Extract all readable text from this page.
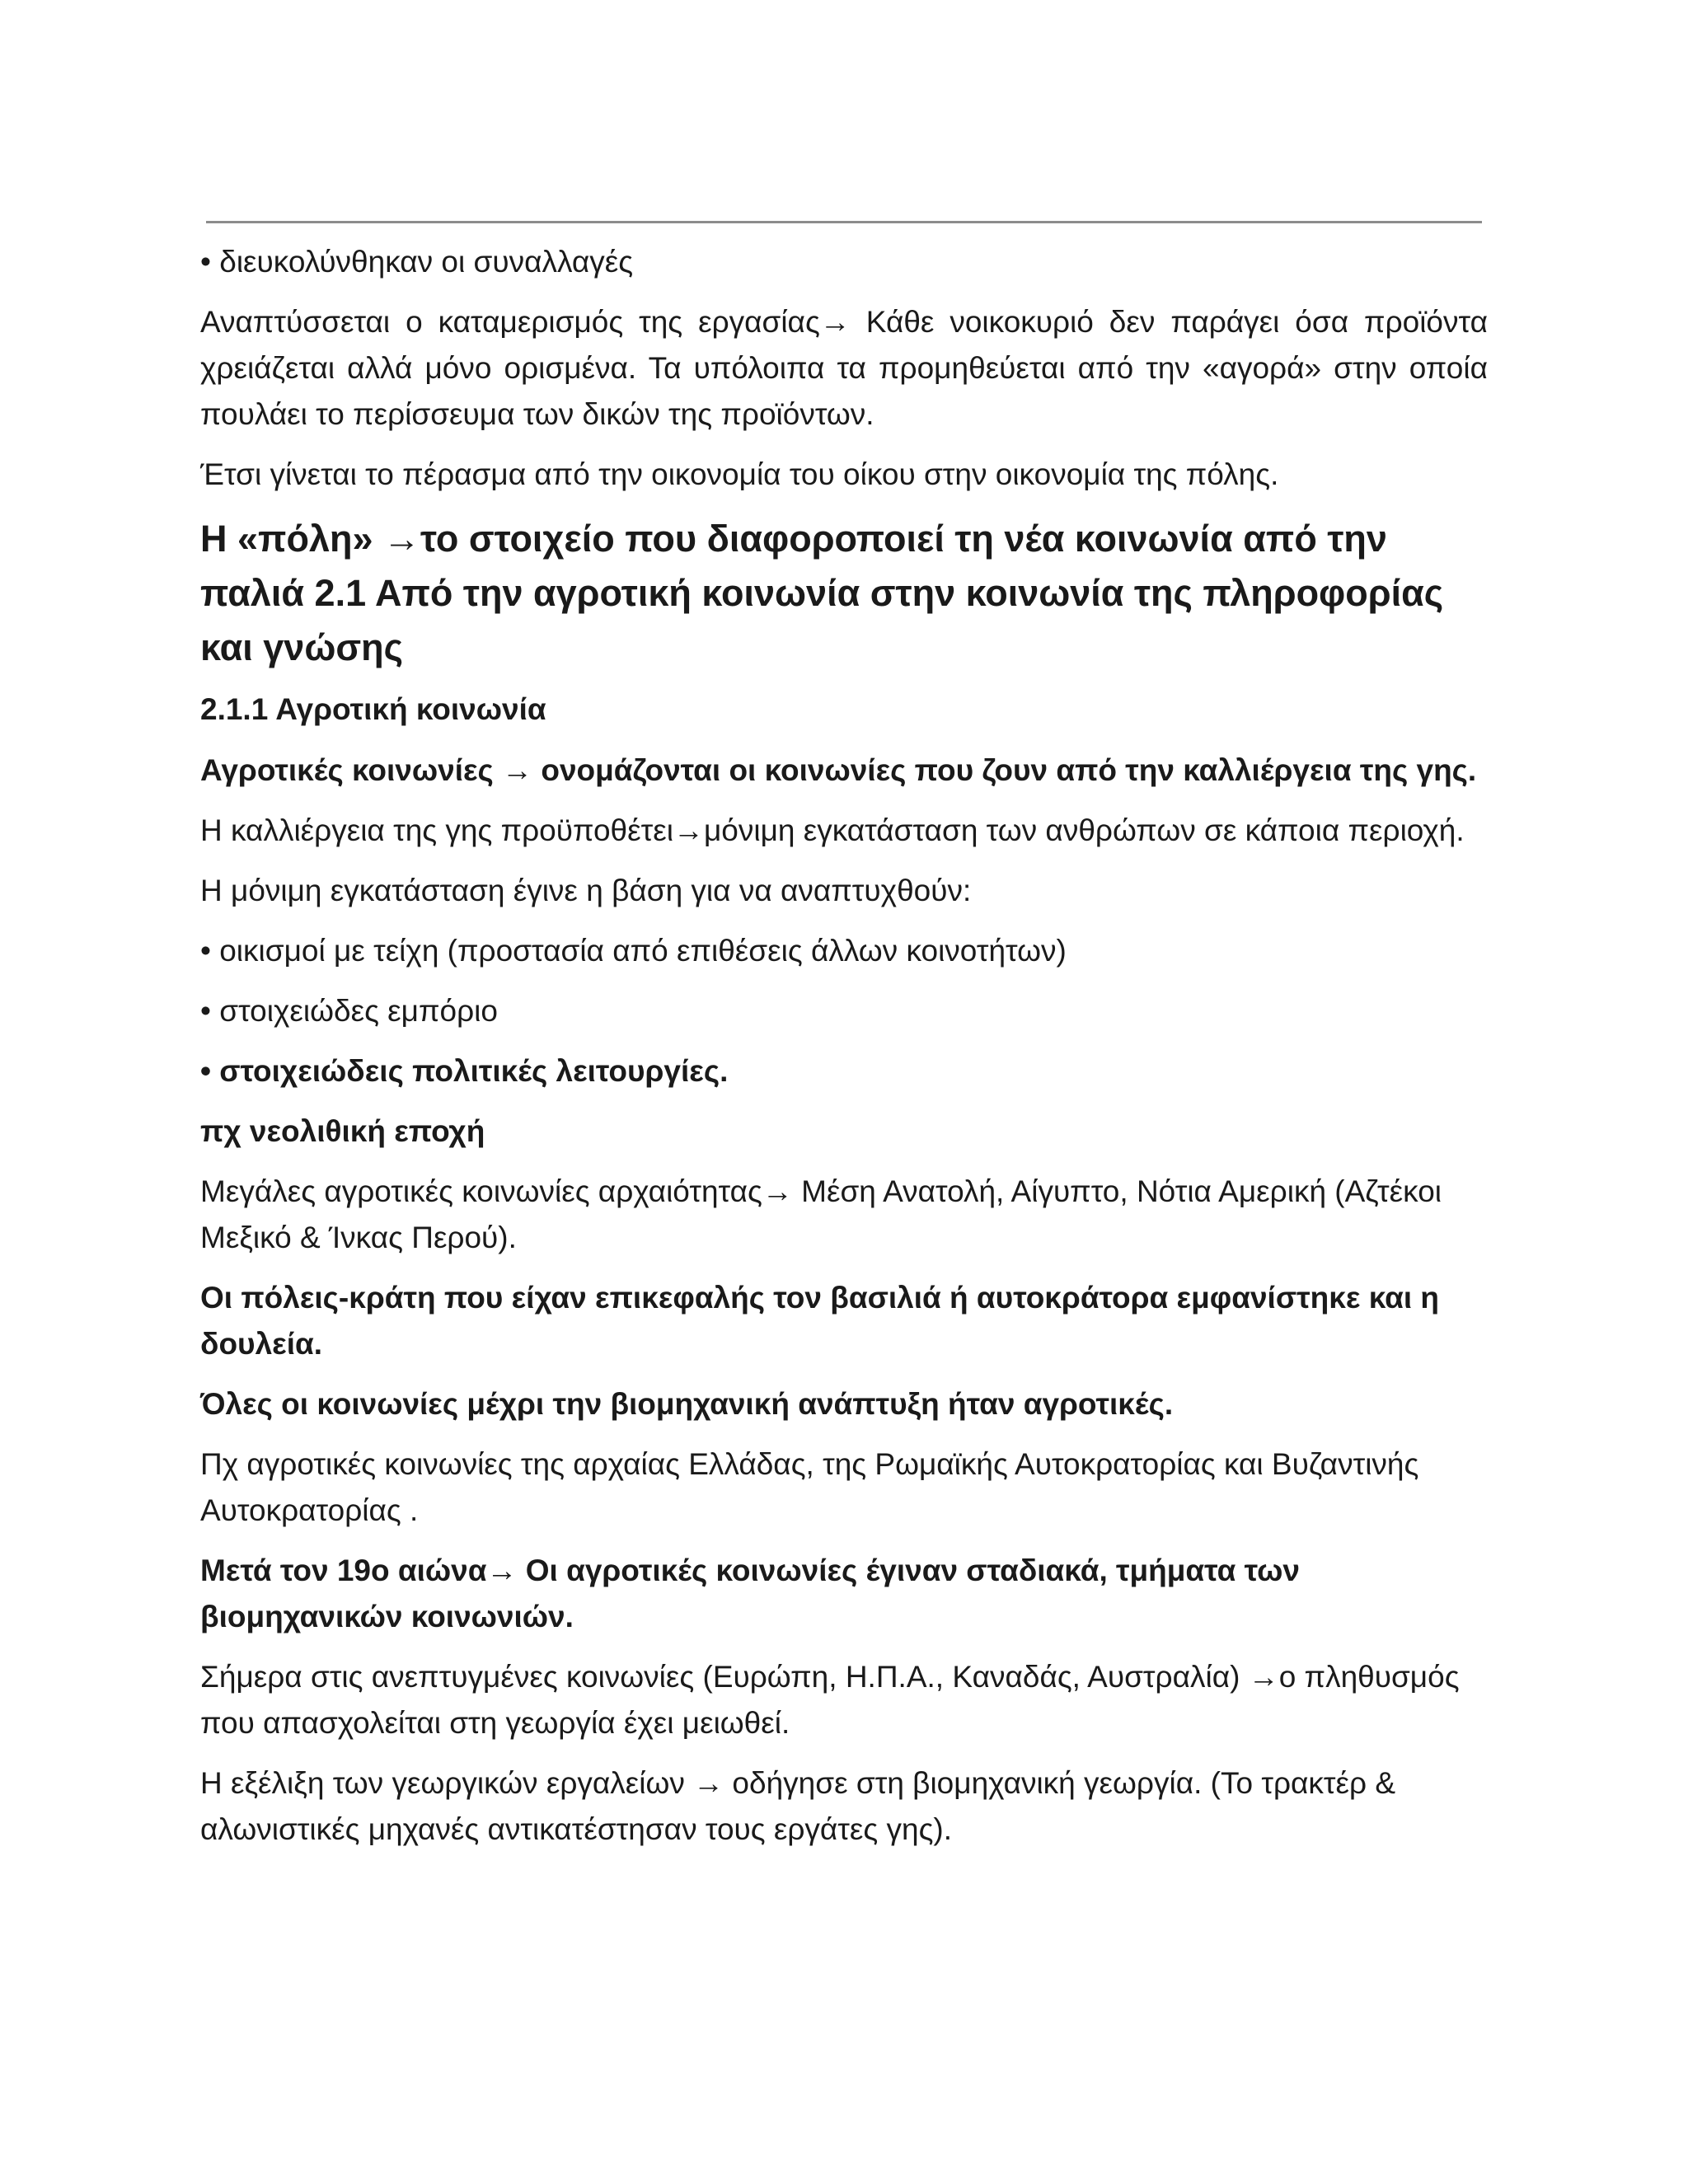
• διευκολύνθηκαν οι συναλλαγές

Αναπτύσσεται ο καταμερισμός της εργασίας→ Κάθε νοικοκυριό δεν παράγει όσα προϊόντα χρειάζεται αλλά μόνο ορισμένα. Τα υπόλοιπα τα προμηθεύεται από την «αγορά» στην οποία πουλάει το περίσσευμα των δικών της προϊόντων.

Έτσι γίνεται το πέρασμα από την οικονομία του οίκου στην οικονομία της πόλης.

Η «πόλη» →το στοιχείο που διαφοροποιεί τη νέα κοινωνία από την παλιά 2.1 Από την αγροτική κοινωνία στην κοινωνία της πληροφορίας και γνώσης
2.1.1 Αγροτική κοινωνία

Αγροτικές κοινωνίες → ονομάζονται οι κοινωνίες που ζουν από την καλλιέργεια της γης.

Η καλλιέργεια της γης προϋποθέτει→μόνιμη εγκατάσταση των ανθρώπων σε κάποια περιοχή.

Η μόνιμη εγκατάσταση έγινε η βάση για να αναπτυχθούν:

• οικισμοί με τείχη (προστασία από επιθέσεις άλλων κοινοτήτων)

• στοιχειώδες εμπόριο

• στοιχειώδεις πολιτικές λειτουργίες.

πχ νεολιθική εποχή

Μεγάλες αγροτικές κοινωνίες αρχαιότητας→ Μέση Ανατολή, Αίγυπτο, Νότια Αμερική (Αζτέκοι Μεξικό & Ίνκας Περού).

Οι πόλεις-κράτη που είχαν επικεφαλής τον βασιλιά ή αυτοκράτορα εμφανίστηκε και η δουλεία.

Όλες οι κοινωνίες μέχρι την βιομηχανική ανάπτυξη ήταν αγροτικές.

Πχ αγροτικές κοινωνίες της αρχαίας Ελλάδας, της Ρωμαϊκής Αυτοκρατορίας και Βυζαντινής Αυτοκρατορίας .

Μετά τον 19ο αιώνα→ Οι αγροτικές κοινωνίες έγιναν σταδιακά, τμήματα των βιομηχανικών κοινωνιών.

Σήμερα στις ανεπτυγμένες κοινωνίες (Ευρώπη, Η.Π.Α., Καναδάς, Αυστραλία) →ο πληθυσμός που απασχολείται στη γεωργία έχει μειωθεί.

Η εξέλιξη των γεωργικών εργαλείων → οδήγησε στη βιομηχανική γεωργία. (Το τρακτέρ & αλωνιστικές μηχανές αντικατέστησαν τους εργάτες γης).
